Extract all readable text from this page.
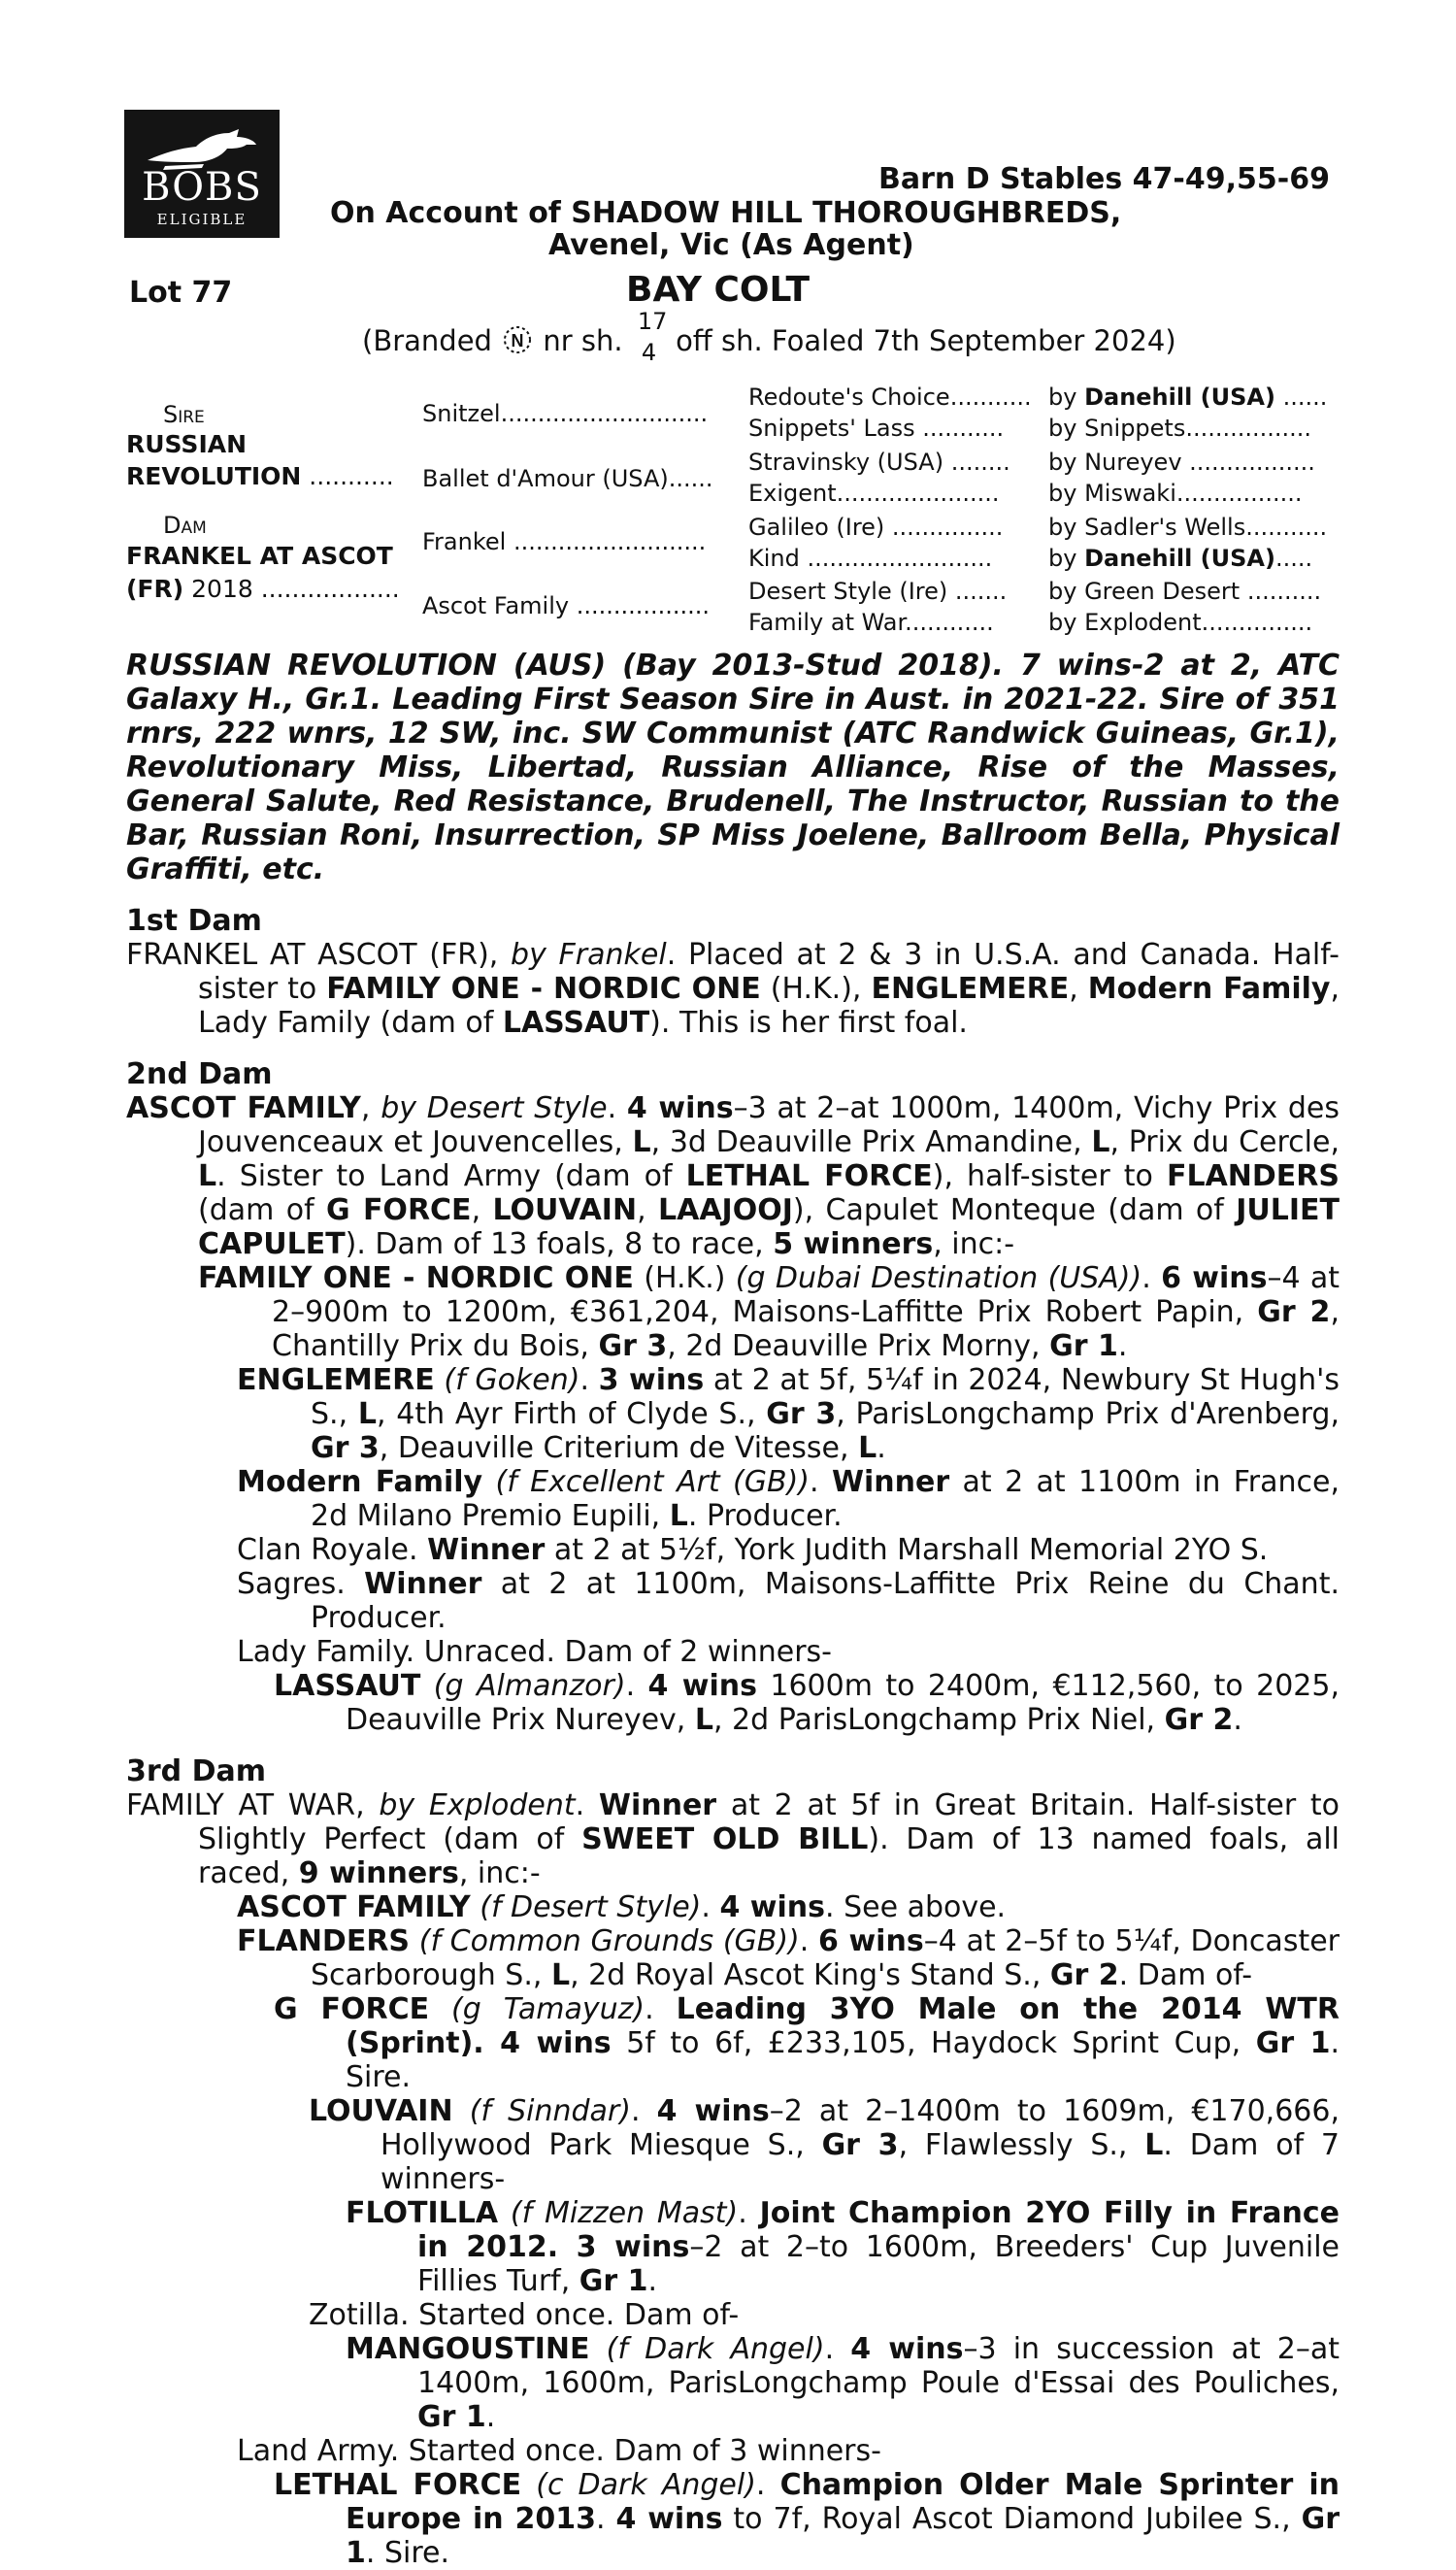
BOBS
ELIGIBLE
Barn D Stables 47-49,55-69
On Account of SHADOW HILL THOROUGHBREDS,
Avenel, Vic (As Agent)
Lot 77	BAY COLT
(Branded N nr sh.
17
4 off sh. Foaled 7th September 2024)
Sire
RUSSIAN
REVOLUTION ...........
Dam
FRANKEL AT ASCOT
(FR) 2018 ..................
Snitzel............................
Ballet d'Amour (USA)......
Frankel ..........................
Ascot Family ..................
Redoute's Choice........... by Danehill (USA) ......
Snippets' Lass ........... by Snippets.................
Stravinsky (USA) ........ by Nureyev .................
Exigent...................... by Miswaki.................
Galileo (Ire) ............... by Sadler's Wells...........
Kind ......................... by Danehill (USA).....
Desert Style (Ire) ....... by Green Desert ..........
Family at War............ by Explodent...............

RUSSIAN REVOLUTION (AUS) (Bay 2013-Stud 2018). 7 wins-2 at 2, ATC Galaxy H., Gr.1. Leading First Season Sire in Aust. in 2021-22. Sire of 351 rnrs, 222 wnrs, 12 SW, inc. SW Communist (ATC Randwick Guineas, Gr.1), Revolutionary Miss, Libertad, Russian Alliance, Rise of the Masses, General Salute, Red Resistance, Brudenell, The Instructor, Russian to the Bar, Russian Roni, Insurrection, SP Miss Joelene, Ballroom Bella, Physical Graffiti, etc.

1st Dam

FRANKEL AT ASCOT (FR), by Frankel. Placed at 2 & 3 in U.S.A. and Canada. Half-sister to FAMILY ONE - NORDIC ONE (H.K.), ENGLEMERE, Modern Family, Lady Family (dam of LASSAUT). This is her first foal.

2nd Dam

ASCOT FAMILY, by Desert Style. 4 wins–3 at 2–at 1000m, 1400m, Vichy Prix des Jouvenceaux et Jouvencelles, L, 3d Deauville Prix Amandine, L, Prix du Cercle, L. Sister to Land Army (dam of LETHAL FORCE), half-sister to FLANDERS (dam of G FORCE, LOUVAIN, LAAJOOJ), Capulet Monteque (dam of JULIET CAPULET). Dam of 13 foals, 8 to race, 5 winners, inc:-

FAMILY ONE - NORDIC ONE (H.K.) (g Dubai Destination (USA)). 6 wins–4 at 2–900m to 1200m, €361,204, Maisons-Laffitte Prix Robert Papin, Gr 2, Chantilly Prix du Bois, Gr 3, 2d Deauville Prix Morny, Gr 1.

ENGLEMERE (f Goken). 3 wins at 2 at 5f, 5¼f in 2024, Newbury St Hugh's S., L, 4th Ayr Firth of Clyde S., Gr 3, ParisLongchamp Prix d'Arenberg, Gr 3, Deauville Criterium de Vitesse, L.

Modern Family (f Excellent Art (GB)). Winner at 2 at 1100m in France, 2d Milano Premio Eupili, L. Producer.

Clan Royale. Winner at 2 at 5½f, York Judith Marshall Memorial 2YO S.

Sagres. Winner at 2 at 1100m, Maisons-Laffitte Prix Reine du Chant. Producer.

Lady Family. Unraced. Dam of 2 winners-

LASSAUT (g Almanzor). 4 wins 1600m to 2400m, €112,560, to 2025, Deauville Prix Nureyev, L, 2d ParisLongchamp Prix Niel, Gr 2.

3rd Dam

FAMILY AT WAR, by Explodent. Winner at 2 at 5f in Great Britain. Half-sister to Slightly Perfect (dam of SWEET OLD BILL). Dam of 13 named foals, all raced, 9 winners, inc:-

ASCOT FAMILY (f Desert Style). 4 wins. See above.

FLANDERS (f Common Grounds (GB)). 6 wins–4 at 2–5f to 5¼f, Doncaster Scarborough S., L, 2d Royal Ascot King's Stand S., Gr 2. Dam of-

G FORCE (g Tamayuz). Leading 3YO Male on the 2014 WTR (Sprint). 4 wins 5f to 6f, £233,105, Haydock Sprint Cup, Gr 1. Sire.

LOUVAIN (f Sinndar). 4 wins–2 at 2–1400m to 1609m, €170,666, Hollywood Park Miesque S., Gr 3, Flawlessly S., L. Dam of 7 winners-

FLOTILLA (f Mizzen Mast). Joint Champion 2YO Filly in France in 2012. 3 wins–2 at 2–to 1600m, Breeders' Cup Juvenile Fillies Turf, Gr 1.

Zotilla. Started once. Dam of-

MANGOUSTINE (f Dark Angel). 4 wins–3 in succession at 2–at 1400m, 1600m, ParisLongchamp Poule d'Essai des Pouliches, Gr 1.

Land Army. Started once. Dam of 3 winners-

LETHAL FORCE (c Dark Angel). Champion Older Male Sprinter in Europe in 2013. 4 wins to 7f, Royal Ascot Diamond Jubilee S., Gr 1. Sire.
